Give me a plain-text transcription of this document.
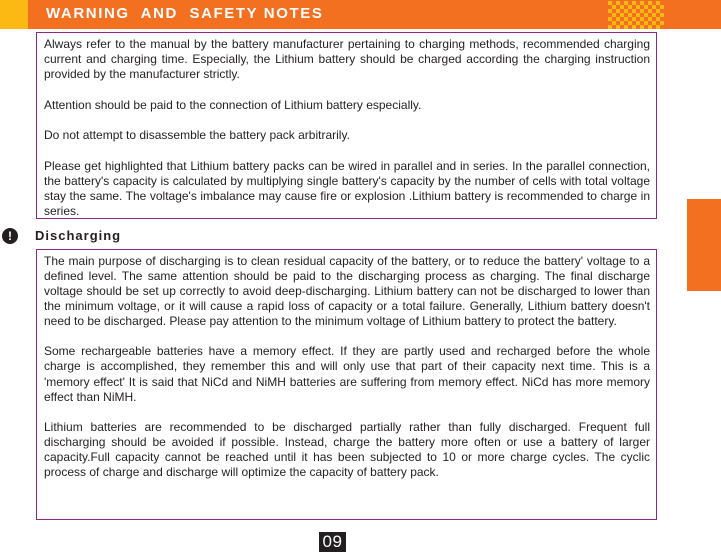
WARNING  AND  SAFETY NOTES

Always refer to the manual by the battery manufacturer pertaining to charging methods, recommended charging current and charging time. Especially, the Lithium battery should be charged according the charging instruction provided by the manufacturer strictly.

Attention should be paid to the connection of Lithium battery especially.

Do not attempt to disassemble the battery pack arbitrarily.

Please get highlighted that Lithium battery packs can be wired in parallel and in series. In the parallel connection, the battery's capacity is calculated by multiplying single battery's capacity by the number of cells with total voltage stay the same. The voltage's imbalance may cause fire or explosion .Lithium battery is recommended to charge in series.

!	Discharging

The main purpose of discharging is to clean residual capacity of the battery, or to reduce the battery' voltage to a defined level. The same attention should be paid to the discharging process as charging. The final discharge voltage should be set up correctly to avoid deep-discharging. Lithium battery can not be discharged to lower than the minimum voltage, or it will cause a rapid loss of capacity or a total failure. Generally, Lithium battery doesn't need to be discharged. Please pay attention to the minimum voltage of Lithium battery to protect the battery.

Some rechargeable batteries have a memory effect. If they are partly used and recharged before the whole charge is accomplished, they remember this and will only use that part of their capacity next time. This is a 'memory effect' It is said that NiCd and NiMH batteries are suffering from memory effect. NiCd has more memory effect than NiMH.

Lithium batteries are recommended to be discharged partially rather than fully discharged. Frequent full discharging should be avoided if possible. Instead, charge the battery more often or use a battery of larger capacity.Full capacity cannot be reached until it has been subjected to 10 or more charge cycles. The cyclic process of charge and discharge will optimize the capacity of battery pack.

09
